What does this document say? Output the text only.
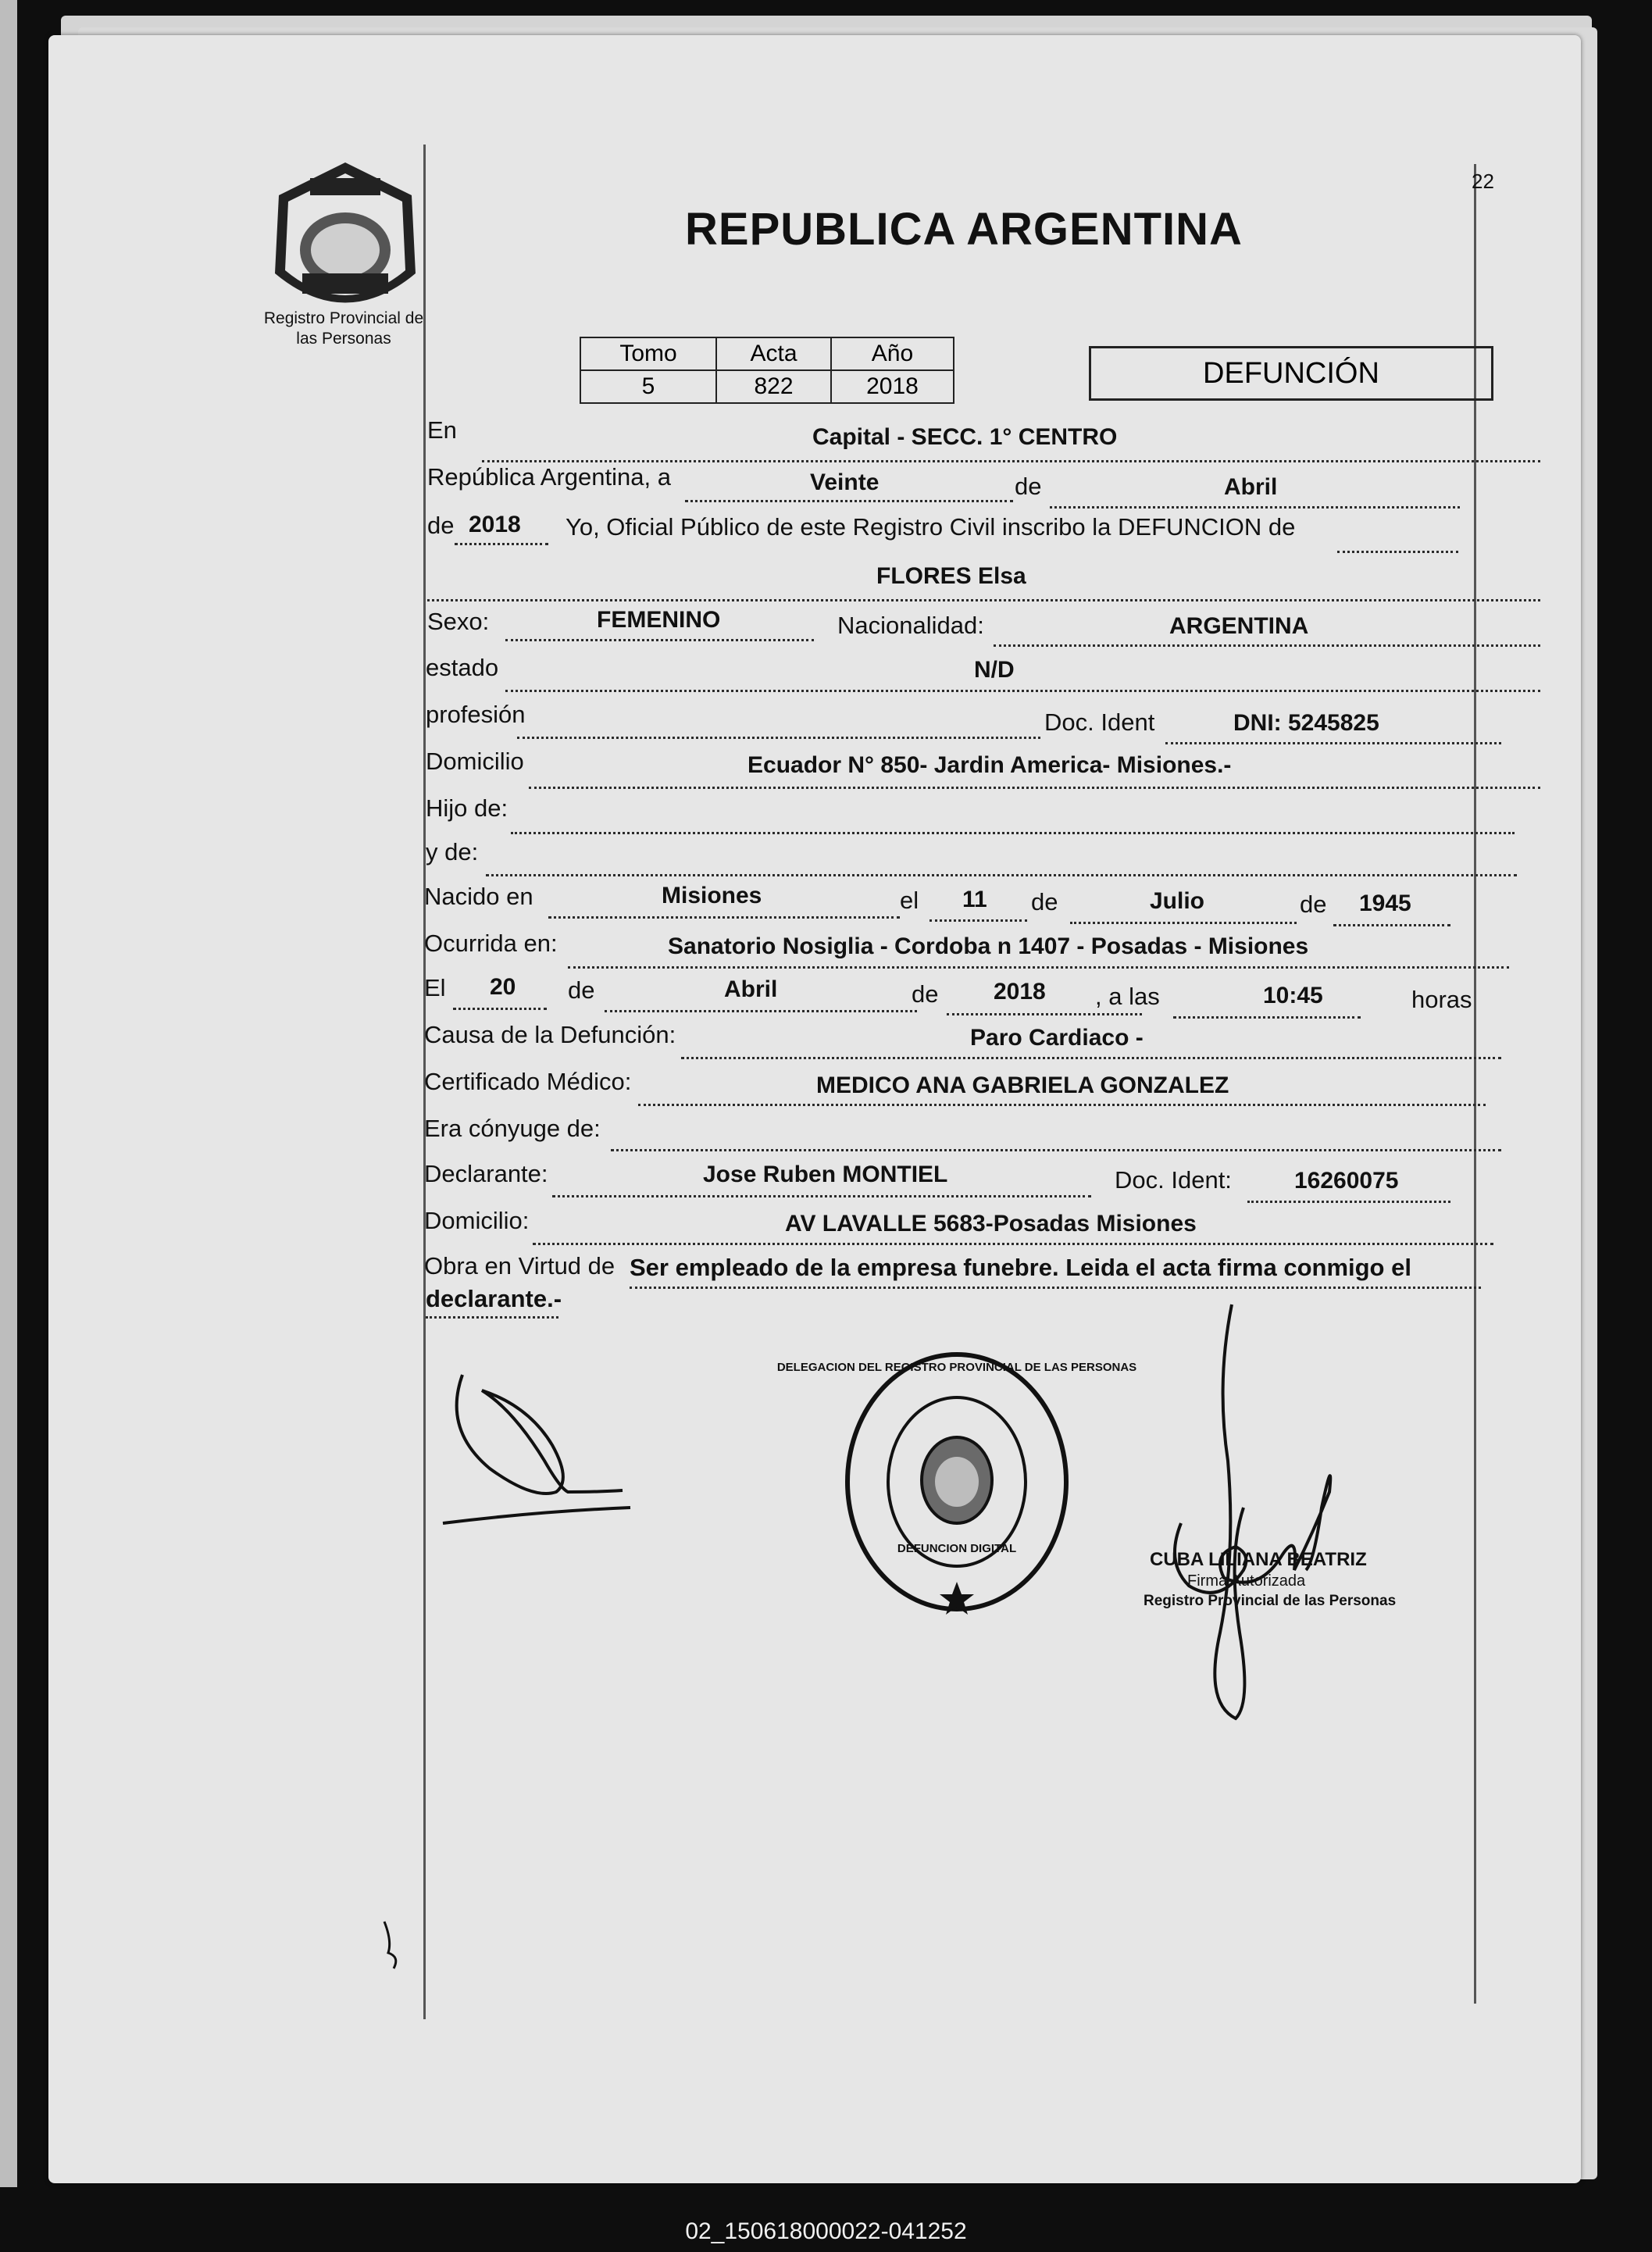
22
Registro Provincial de
las Personas
REPUBLICA ARGENTINA
Tomo	Acta	Año
5	822	2018	DEFUNCIÓN
En	Capital - SECC. 1° CENTRO
República Argentina, a	Veinte	de	Abril
de 2018 Yo, Oficial Público de este Registro Civil inscribo la DEFUNCION de
FLORES Elsa
Sexo:	FEMENINO	Nacionalidad:	ARGENTINA
estado	N/D
profesión	Doc. Ident	DNI: 5245825
Domicilio	Ecuador N° 850- Jardin America- Misiones.-
Hijo de:
y de:
Nacido en	Misiones	el 11 de	Julio	de 1945
Ocurrida en:	Sanatorio Nosiglia - Cordoba n 1407 - Posadas - Misiones
El 20 de	Abril	de 2018 , a las	10:45	horas
Causa de la Defunción:	Paro Cardiaco -
Certificado Médico:	MEDICO ANA GABRIELA GONZALEZ
Era cónyuge de:
Declarante:	Jose Ruben MONTIEL	Doc. Ident:	16260075
Domicilio:	AV LAVALLE 5683-Posadas Misiones
Obra en Virtud de Ser empleado de la empresa funebre. Leida el acta firma conmigo el
declarante.-
DELEGACION DEL REGISTRO PROVINCIAL DE LAS PERSONAS
DEFUNCION DIGITAL
CUBA LILIANA BEATRIZ
Firma Autorizada
Registro Provincial de las Personas
02_150618000022-041252
